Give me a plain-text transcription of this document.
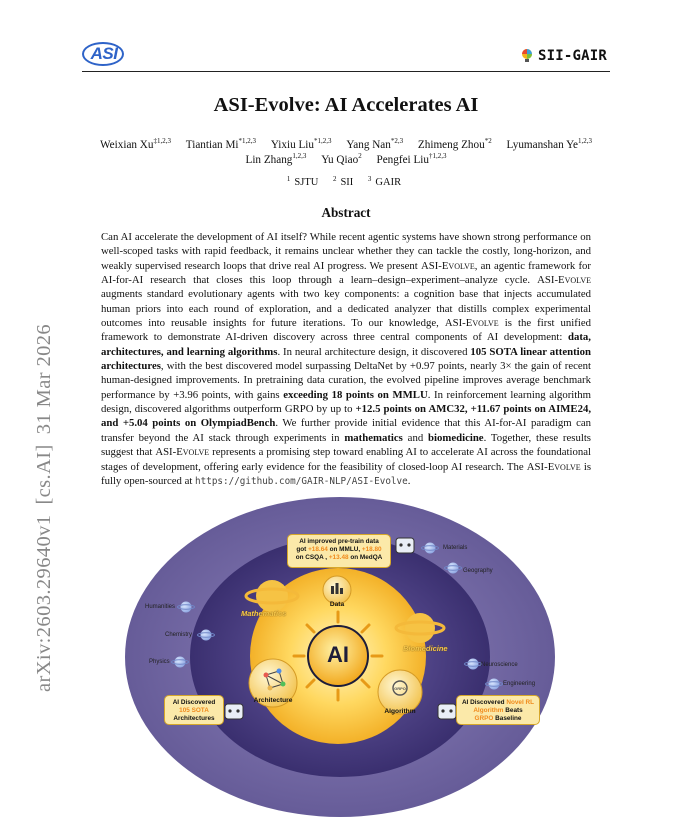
ASI	SII-GAIR
ASI-Evolve: AI Accelerates AI
Weixian Xu$^{\ddagger 1,2,3}$ Tiantian Mi$^{*1,2,3}$ Yixiu Liu$^{*1,2,3}$ Yang Nan$^{*2,3}$ Zhimeng Zhou$^{*2}$ Lyumanshan Ye$^{1,2,3}$
Lin Zhang$^{1,2,3}$ Yu Qiao$^2$ Pengfei Liu$^{\dagger 1,2,3}$
$^1$ SJTU $^2$ SII $^3$ GAIR
arXiv:2603.29640v1[cs.AI]31 Mar 2026
Abstract
Can AI accelerate the development of AI itself? While recent agentic systems have shown strong performance on well-scoped tasks with rapid feedback, it remains unclear whether they can tackle the costly, long-horizon, and weakly supervised research loops that drive real AI progress. We present ASI-Evolve, an agentic framework for AI-for-AI research that closes this loop through a learn–design–experiment–analyze cycle. ASI-Evolve augments standard evolutionary agents with two key components: a cognition base that injects accumulated human priors into each round of exploration, and a dedicated analyzer that distills complex experimental outcomes into reusable insights for future iterations. To our knowledge, ASI-Evolve is the first unified framework to demonstrate AI-driven discovery across three central components of AI development: data, architectures, and learning algorithms. In neural architecture design, it discovered 105 SOTA linear attention architectures, with the best discovered model surpassing DeltaNet by +0.97 points, nearly 3× the gain of recent human-designed improvements. In pretraining data curation, the evolved pipeline improves average benchmark performance by +3.96 points, with gains exceeding 18 points on MMLU. In reinforcement learning algorithm design, discovered algorithms outperform GRPO by up to +12.5 points on AMC32, +11.67 points on AIME24, and +5.04 points on OlympiadBench. We further provide initial evidence that this AI-for-AI paradigm can transfer beyond the AI stack through experiments in mathematics and biomedicine. Together, these results suggest that ASI-Evolve represents a promising step toward enabling AI to accelerate AI across the foundational stages of development, offering early evidence for the feasibility of closed-loop AI research. The ASI-Evolve is fully open-sourced at https://github.com/GAIR-NLP/ASI-Evolve.
GRPO
AI
Data
Architecture
Algorithm
Mathematics
Biomedicine
Materials
Geography
Humanities
Chemistry
Physics	Neuroscience
Engineering
AI improved pre-train data
got +18.64 on MMLU, +18.80
on CSQA , +13.48 on MedQA
AI Discovered
105 SOTA
Architectures
AI Discovered Novel RL
Algorithm Beats
GRPO Baseline
